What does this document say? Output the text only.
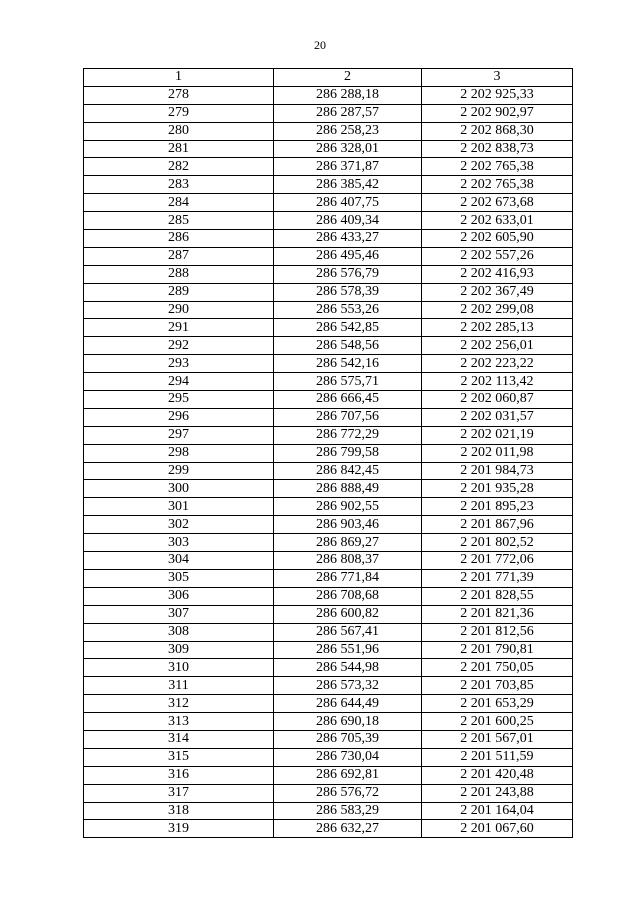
20
1	2	3
278	286 288,18	2 202 925,33
279	286 287,57	2 202 902,97
280	286 258,23	2 202 868,30
281	286 328,01	2 202 838,73
282	286 371,87	2 202 765,38
283	286 385,42	2 202 765,38
284	286 407,75	2 202 673,68
285	286 409,34	2 202 633,01
286	286 433,27	2 202 605,90
287	286 495,46	2 202 557,26
288	286 576,79	2 202 416,93
289	286 578,39	2 202 367,49
290	286 553,26	2 202 299,08
291	286 542,85	2 202 285,13
292	286 548,56	2 202 256,01
293	286 542,16	2 202 223,22
294	286 575,71	2 202 113,42
295	286 666,45	2 202 060,87
296	286 707,56	2 202 031,57
297	286 772,29	2 202 021,19
298	286 799,58	2 202 011,98
299	286 842,45	2 201 984,73
300	286 888,49	2 201 935,28
301	286 902,55	2 201 895,23
302	286 903,46	2 201 867,96
303	286 869,27	2 201 802,52
304	286 808,37	2 201 772,06
305	286 771,84	2 201 771,39
306	286 708,68	2 201 828,55
307	286 600,82	2 201 821,36
308	286 567,41	2 201 812,56
309	286 551,96	2 201 790,81
310	286 544,98	2 201 750,05
311	286 573,32	2 201 703,85
312	286 644,49	2 201 653,29
313	286 690,18	2 201 600,25
314	286 705,39	2 201 567,01
315	286 730,04	2 201 511,59
316	286 692,81	2 201 420,48
317	286 576,72	2 201 243,88
318	286 583,29	2 201 164,04
319	286 632,27	2 201 067,60
